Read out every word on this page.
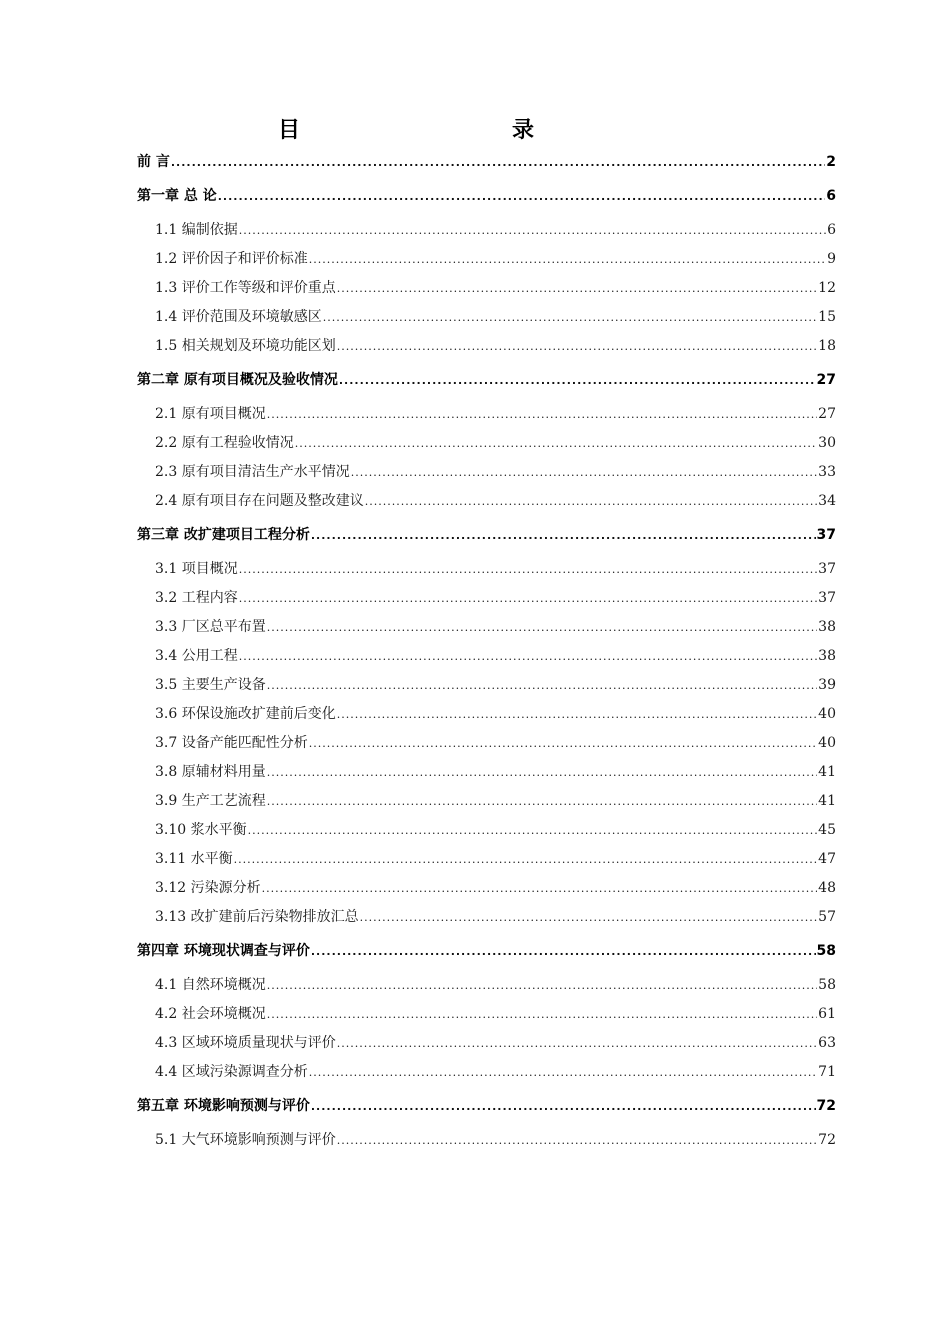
目　　录
前 言 .....	2
第一章 总 论 .....	6
1.1 编制依据 .....	6
1.2 评价因子和评价标准 .....	9
1.3 评价工作等级和评价重点 .....	12
1.4 评价范围及环境敏感区 .....	15
1.5 相关规划及环境功能区划 .....	18
第二章 原有项目概况及验收情况 .....	27
2.1 原有项目概况 .....	27
2.2 原有工程验收情况 .....	30
2.3 原有项目清洁生产水平情况 .....	33
2.4 原有项目存在问题及整改建议 .....	34
第三章 改扩建项目工程分析 .....	37
3.1 项目概况 .....	37
3.2 工程内容 .....	37
3.3 厂区总平布置 .....	38
3.4 公用工程 .....	38
3.5 主要生产设备 .....	39
3.6 环保设施改扩建前后变化 .....	40
3.7 设备产能匹配性分析 .....	40
3.8 原辅材料用量 .....	41
3.9 生产工艺流程 .....	41
3.10 浆水平衡 .....	45
3.11 水平衡 .....	47
3.12 污染源分析 .....	48
3.13 改扩建前后污染物排放汇总 .....	57
第四章 环境现状调查与评价 .....	58
4.1 自然环境概况 .....	58
4.2 社会环境概况 .....	61
4.3 区域环境质量现状与评价 .....	63
4.4 区域污染源调查分析 .....	71
第五章 环境影响预测与评价 .....	72
5.1 大气环境影响预测与评价 .....	72
